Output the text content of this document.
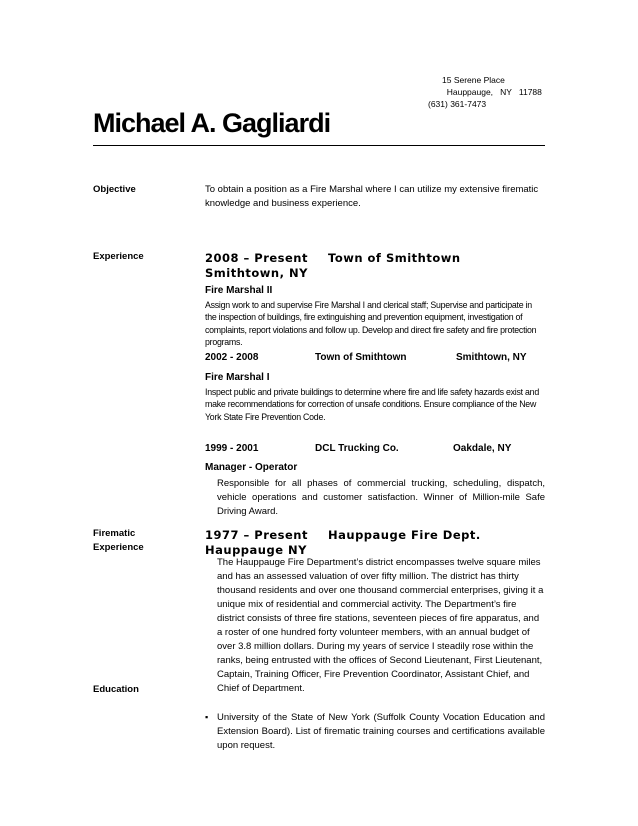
15 Serene Place
Hauppauge,   NY   11788
(631) 361-7473
Michael A. Gagliardi
Objective	To obtain a position as a Fire Marshal where I can utilize my extensive firematic knowledge and business experience.
Experience	2008 – Present Town of Smithtown
Smithtown, NY
Fire Marshal II
Assign work to and supervise Fire Marshal I and clerical staff; Supervise and participate in the inspection of buildings, fire extinguishing and prevention equipment, investigation of complaints, report violations and follow up. Develop and direct fire safety and fire protection programs.
2002 - 2008	Town of Smithtown	Smithtown, NY
Fire Marshal I
Inspect public and private buildings to determine where fire and life safety hazards exist and make recommendations for correction of unsafe conditions. Ensure compliance of the New York State Fire Prevention Code.
1999 - 2001	DCL Trucking Co.	Oakdale, NY
Manager - Operator
Responsible for all phases of commercial trucking, scheduling, dispatch, vehicle operations and customer satisfaction. Winner of Million-mile Safe Driving Award.
Firematic
Experience
1977 – Present Hauppauge Fire Dept.
Hauppauge NY
The Hauppauge Fire Department’s district encompasses twelve square miles and has an assessed valuation of over fifty million. The district has thirty thousand residents and over one thousand commercial enterprises, giving it a unique mix of residential and commercial activity. The Department’s fire district consists of three fire stations, seventeen pieces of fire apparatus, and a roster of one hundred forty volunteer members, with an annual budget of over 3.8 million dollars. During my years of service I steadily rose within the ranks, being entrusted with the offices of Second Lieutenant, First Lieutenant, Captain, Training Officer, Fire Prevention Coordinator, Assistant Chief, and Chief of Department.
Education
▪ University of the State of New York (Suffolk County Vocation Education and Extension Board). List of firematic training courses and certifications available upon request.
